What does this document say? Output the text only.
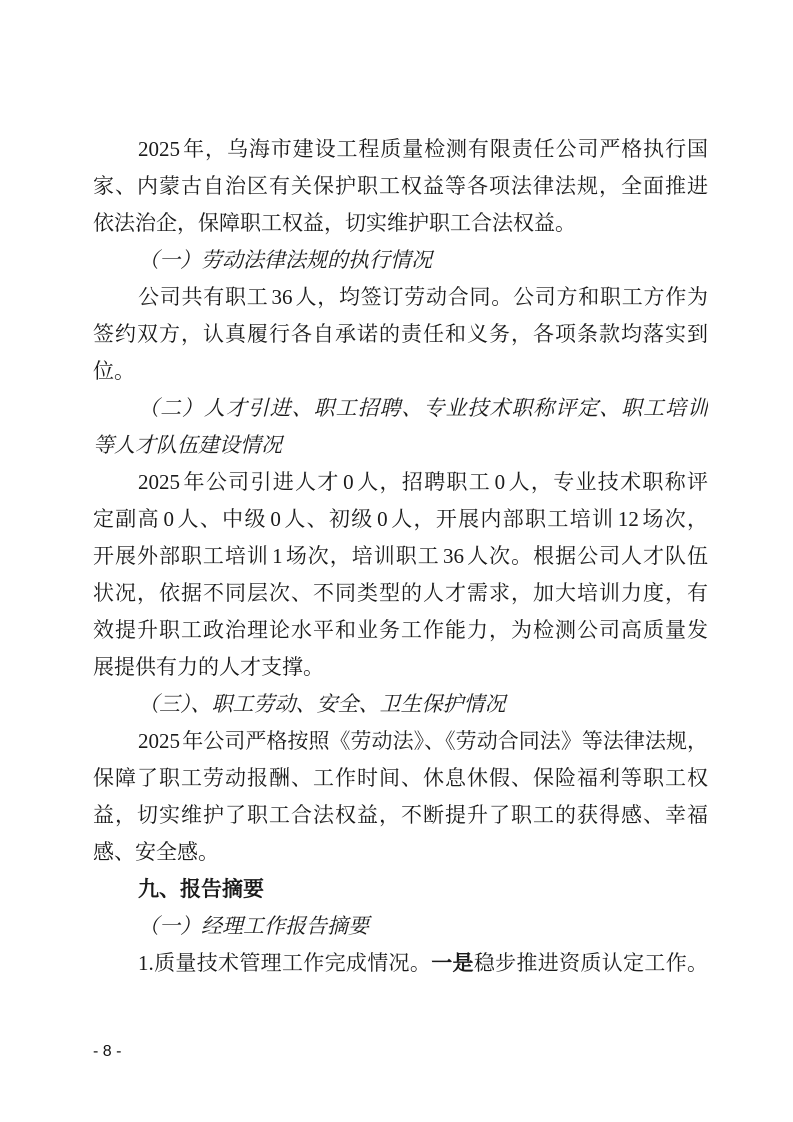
2025 年，乌海市建设工程质量检测有限责任公司严格执行国
家、内蒙古自治区有关保护职工权益等各项法律法规，全面推进
依法治企，保障职工权益，切实维护职工合法权益。
（一）劳动法律法规的执行情况
公司共有职工 36 人，均签订劳动合同。公司方和职工方作为
签约双方，认真履行各自承诺的责任和义务，各项条款均落实到
位。
（二）人才引进、职工招聘、专业技术职称评定、职工培训
等人才队伍建设情况
2025 年公司引进人才 0 人，招聘职工 0 人，专业技术职称评
定副高 0 人、中级 0 人、初级 0 人，开展内部职工培训 12 场次，
开展外部职工培训 1 场次，培训职工 36 人次。根据公司人才队伍
状况，依据不同层次、不同类型的人才需求，加大培训力度，有
效提升职工政治理论水平和业务工作能力，为检测公司高质量发
展提供有力的人才支撑。
（三）、职工劳动、安全、卫生保护情况
2025 年公司严格按照《劳动法》、《劳动合同法》等法律法规，
保障了职工劳动报酬、工作时间、休息休假、保险福利等职工权
益，切实维护了职工合法权益，不断提升了职工的获得感、幸福
感、安全感。
九、报告摘要
（一）经理工作报告摘要
1.质量技术管理工作完成情况。一是稳步推进资质认定工作。
- 8 -
